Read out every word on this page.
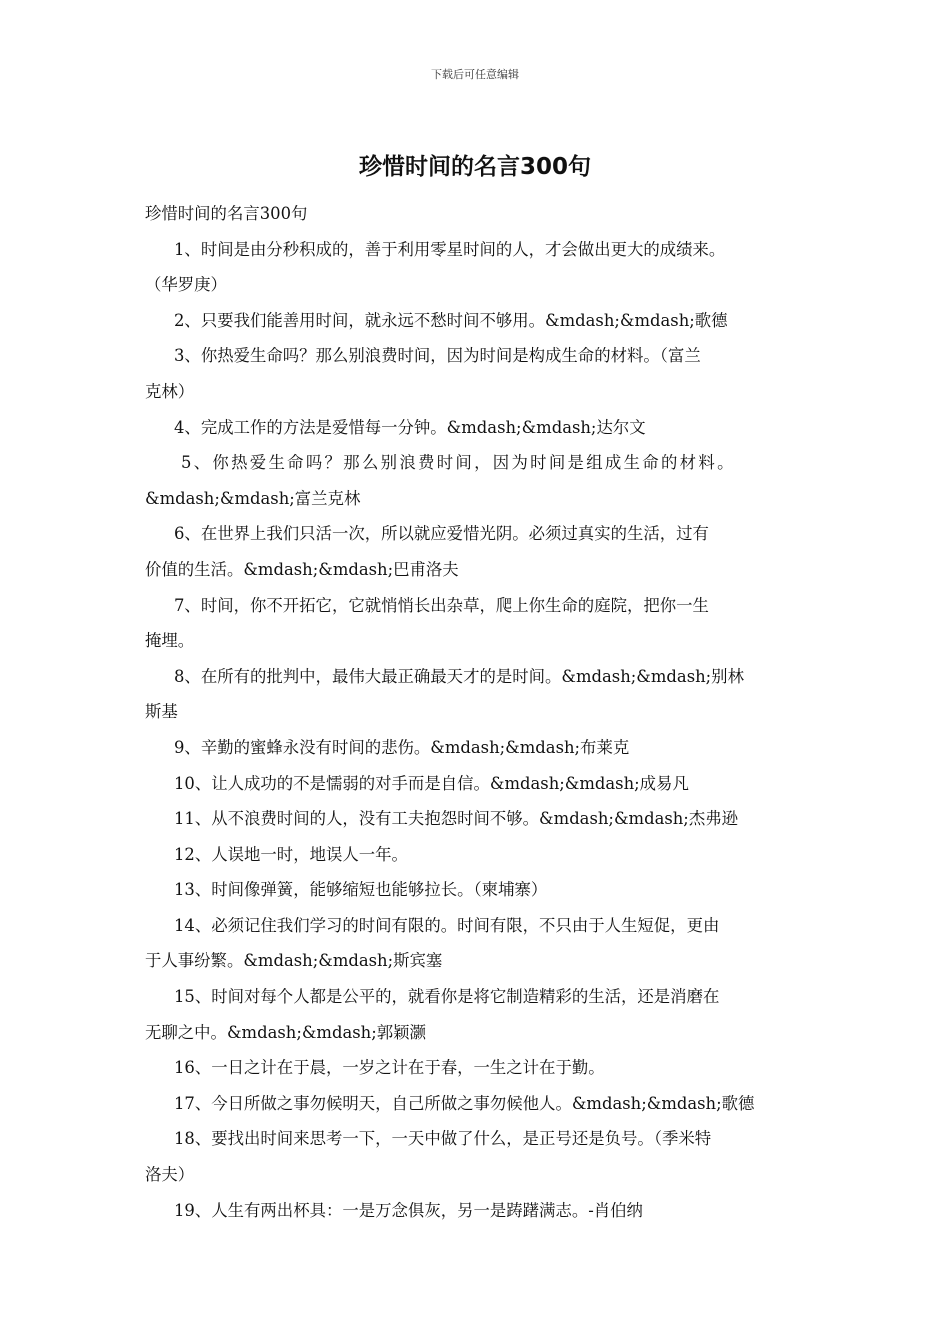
下载后可任意编辑
珍惜时间的名言300句
珍惜时间的名言300句
1、时间是由分秒积成的，善于利用零星时间的人，才会做出更大的成绩来。
（华罗庚）
2、只要我们能善用时间，就永远不愁时间不够用。&mdash;&mdash;歌德
3、你热爱生命吗？那么别浪费时间，因为时间是构成生命的材料。（富兰
克林）
4、完成工作的方法是爱惜每一分钟。&mdash;&mdash;达尔文
5、你热爱生命吗？那么别浪费时间，因为时间是组成生命的材料。
&mdash;&mdash;富兰克林
6、在世界上我们只活一次，所以就应爱惜光阴。必须过真实的生活，过有
价值的生活。&mdash;&mdash;巴甫洛夫
7、时间，你不开拓它，它就悄悄长出杂草，爬上你生命的庭院，把你一生
掩埋。
8、在所有的批判中，最伟大最正确最天才的是时间。&mdash;&mdash;别林
斯基
9、辛勤的蜜蜂永没有时间的悲伤。&mdash;&mdash;布莱克
10、让人成功的不是懦弱的对手而是自信。&mdash;&mdash;成易凡
11、从不浪费时间的人，没有工夫抱怨时间不够。&mdash;&mdash;杰弗逊
12、人误地一时，地误人一年。
13、时间像弹簧，能够缩短也能够拉长。（柬埔寨）
14、必须记住我们学习的时间有限的。时间有限，不只由于人生短促，更由
于人事纷繁。&mdash;&mdash;斯宾塞
15、时间对每个人都是公平的，就看你是将它制造精彩的生活，还是消磨在
无聊之中。&mdash;&mdash;郭颖灏
16、一日之计在于晨，一岁之计在于春，一生之计在于勤。
17、今日所做之事勿候明天，自己所做之事勿候他人。&mdash;&mdash;歌德
18、要找出时间来思考一下，一天中做了什么，是正号还是负号。（季米特
洛夫）
19、人生有两出杯具：一是万念俱灰，另一是踌躇满志。-肖伯纳
